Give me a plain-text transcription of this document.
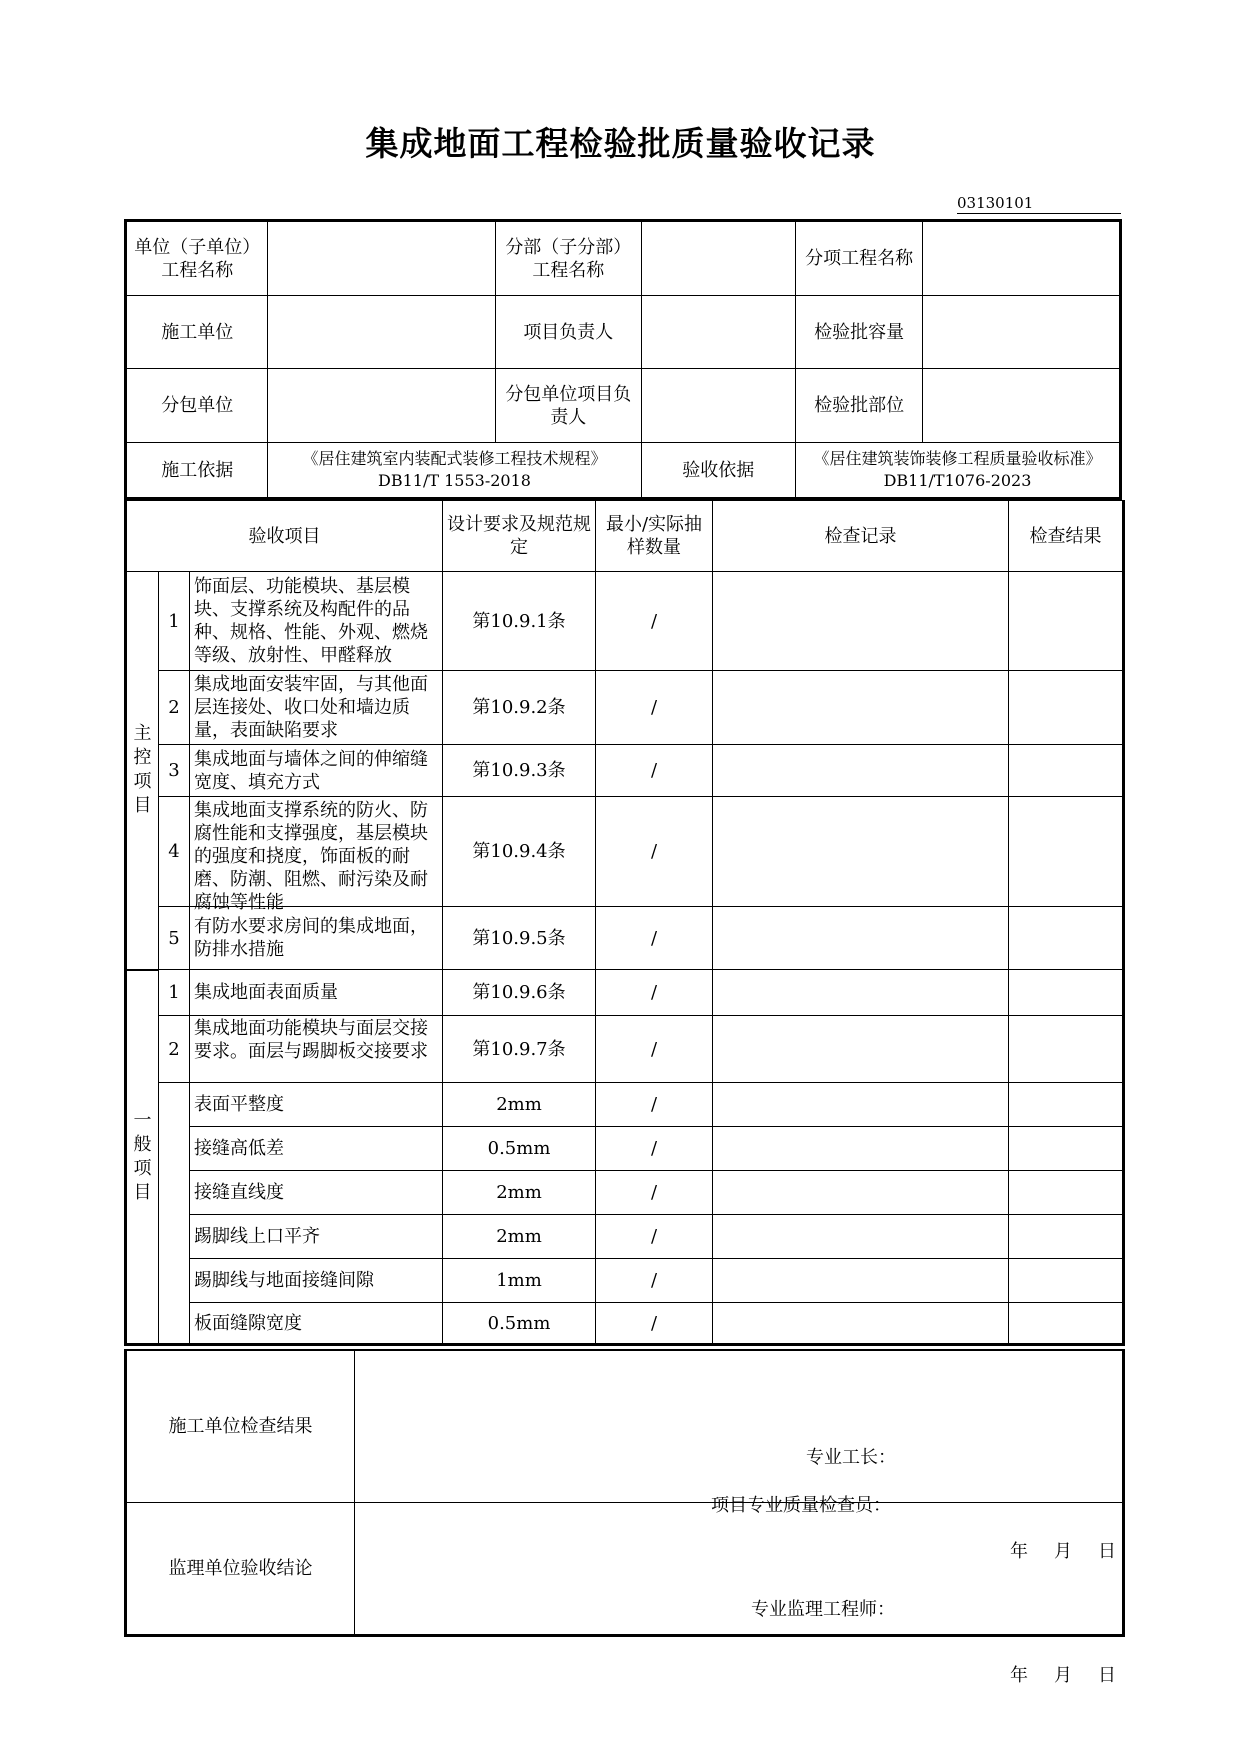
集成地面工程检验批质量验收记录
03130101
单位（子单位）工程名称		分部（子分部）工程名称		分项工程名称	
施工单位		项目负责人		检验批容量	
分包单位		分包单位项目负责人		检验批部位	
施工依据	《居住建筑室内装配式装修工程技术规程》DB11/T 1553-2018		验收依据	《居住建筑装饰装修工程质量验收标准》DB11/T1076-2023	
验收项目			设计要求及规范规定	最小/实际抽样数量	检查记录	检查结果
主控项目	1	饰面层、功能模块、基层模块、支撑系统及构配件的品种、规格、性能、外观、燃烧等级、放射性、甲醛释放	第10.9.1条	/		
	2	集成地面安装牢固，与其他面层连接处、收口处和墙边质量，表面缺陷要求	第10.9.2条	/		
	3	集成地面与墙体之间的伸缩缝宽度、填充方式	第10.9.3条	/		
	4	集成地面支撑系统的防火、防腐性能和支撑强度，基层模块的强度和挠度，饰面板的耐磨、防潮、阻燃、耐污染及耐腐蚀等性能	第10.9.4条	/		
	5	有防水要求房间的集成地面，防排水措施	第10.9.5条	/		
一般项目	1	集成地面表面质量	第10.9.6条	/		
	2	集成地面功能模块与面层交接要求。面层与踢脚板交接要求	第10.9.7条	/		
		表面平整度	2mm	/		
		接缝高低差	0.5mm	/		
		接缝直线度	2mm	/		
		踢脚线上口平齐	2mm	/		
		踢脚线与地面接缝间隙	1mm	/		
		板面缝隙宽度	0.5mm	/		
施工单位检查结果	专业工长：
项目专业质量检查员：
年 月 日

监理单位验收结论	专业监理工程师：
年 月 日
